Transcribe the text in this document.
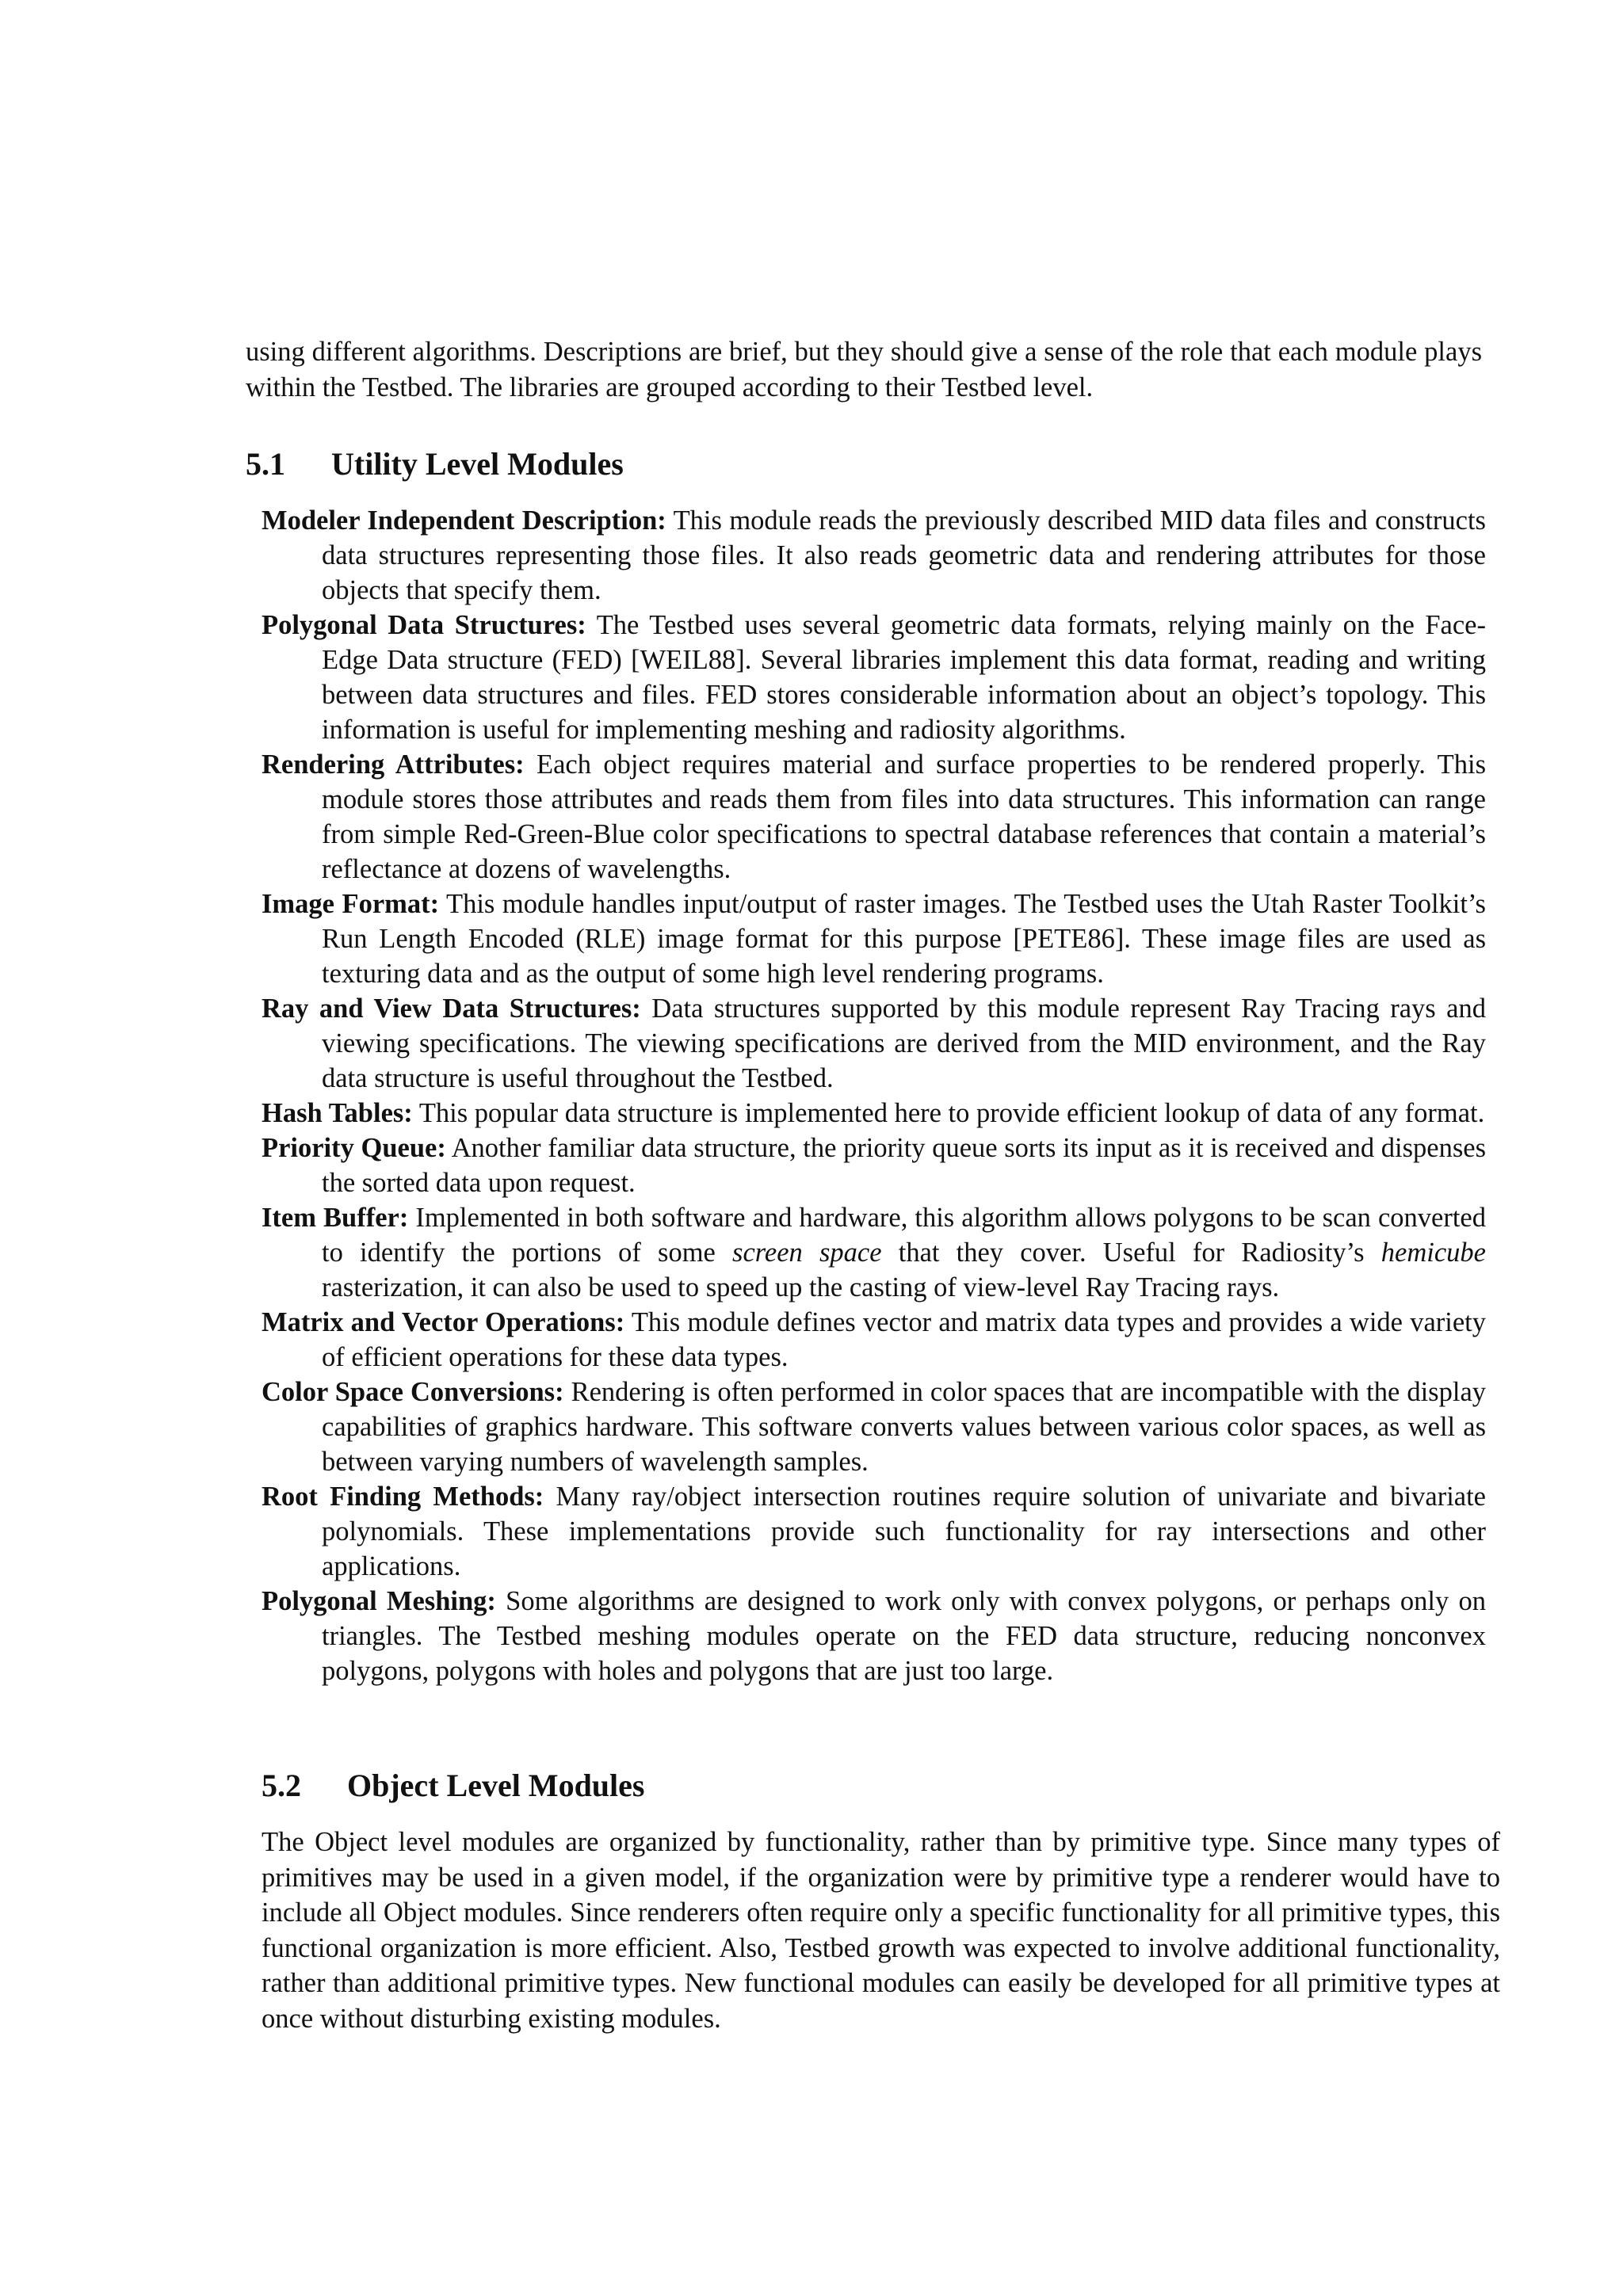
using different algorithms. Descriptions are brief, but they should give a sense of the role that each module plays within the Testbed. The libraries are grouped according to their Testbed level.

5.1 Utility Level Modules
Modeler Independent Description: This module reads the previously described MID data files and constructs data structures representing those files. It also reads geometric data and rendering attributes for those objects that specify them.
Polygonal Data Structures: The Testbed uses several geometric data formats, relying mainly on the Face-Edge Data structure (FED) [WEIL88]. Several libraries implement this data format, reading and writing between data structures and files. FED stores considerable information about an object’s topology. This information is useful for implementing meshing and radiosity algorithms.
Rendering Attributes: Each object requires material and surface properties to be rendered properly. This module stores those attributes and reads them from files into data structures. This information can range from simple Red-Green-Blue color specifications to spectral database references that contain a material’s reflectance at dozens of wavelengths.
Image Format: This module handles input/output of raster images. The Testbed uses the Utah Raster Toolkit’s Run Length Encoded (RLE) image format for this purpose [PETE86]. These image files are used as texturing data and as the output of some high level rendering programs.
Ray and View Data Structures: Data structures supported by this module represent Ray Tracing rays and viewing specifications. The viewing specifications are derived from the MID environment, and the Ray data structure is useful throughout the Testbed.
Hash Tables: This popular data structure is implemented here to provide efficient lookup of data of any format.
Priority Queue: Another familiar data structure, the priority queue sorts its input as it is received and dispenses the sorted data upon request.
Item Buffer: Implemented in both software and hardware, this algorithm allows polygons to be scan converted to identify the portions of some screen space that they cover. Useful for Radiosity’s hemicube rasterization, it can also be used to speed up the casting of view-level Ray Tracing rays.
Matrix and Vector Operations: This module defines vector and matrix data types and provides a wide variety of efficient operations for these data types.
Color Space Conversions: Rendering is often performed in color spaces that are incompatible with the display capabilities of graphics hardware. This software converts values between various color spaces, as well as between varying numbers of wavelength samples.
Root Finding Methods: Many ray/object intersection routines require solution of univariate and bivariate polynomials. These implementations provide such functionality for ray intersections and other applications.
Polygonal Meshing: Some algorithms are designed to work only with convex polygons, or perhaps only on triangles. The Testbed meshing modules operate on the FED data structure, reducing nonconvex polygons, polygons with holes and polygons that are just too large.
5.2 Object Level Modules

The Object level modules are organized by functionality, rather than by primitive type. Since many types of primitives may be used in a given model, if the organization were by primitive type a renderer would have to include all Object modules. Since renderers often require only a specific functionality for all primitive types, this functional organization is more efficient. Also, Testbed growth was expected to involve additional functionality, rather than additional primitive types. New functional modules can easily be developed for all primitive types at once without disturbing existing modules.
